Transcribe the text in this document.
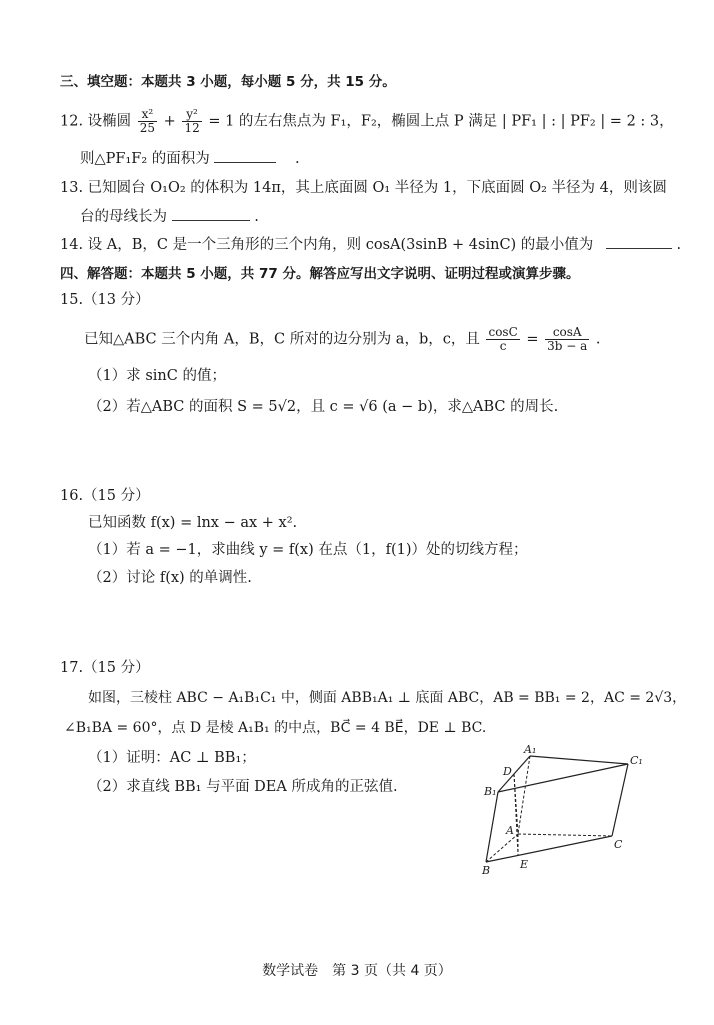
三、填空题：本题共 3 小题，每小题 5 分，共 15 分。
12. 设椭圆 $\frac{\text{x²}}{25} + \frac{\text{y²}}{12} = 1$ 的左右焦点为 F₁，F₂，椭圆上点 P 满足 | PF₁ | : | PF₂ | = 2 : 3，
则△PF₁F₂ 的面积为	.
13. 已知圆台 O₁O₂ 的体积为 14π，其上底面圆 O₁ 半径为 1，下底面圆 O₂ 半径为 4，则该圆
台的母线长为	.
14. 设 A，B，C 是一个三角形的三个内角，则 cosA(3sinB + 4sinC) 的最小值为	.
四、解答题：本题共 5 小题，共 77 分。解答应写出文字说明、证明过程或演算步骤。
15.（13 分）
已知△ABC 三个内角 A，B，C 所对的边分别为 a，b，c，且 $\frac{\cos C}{c} = \frac{\cos A}{3b - a}$ .
（1）求 sinC 的值；
（2）若△ABC 的面积 S = 5√2，且 c = √6 (a − b)，求△ABC 的周长.
16.（15 分）
已知函数 f(x) = lnx − ax + x².
（1）若 a = −1，求曲线 y = f(x) 在点（1，f(1)）处的切线方程；
（2）讨论 f(x) 的单调性.
17.（15 分）
如图，三棱柱 ABC − A₁B₁C₁ 中，侧面 ABB₁A₁ ⊥ 底面 ABC，AB = BB₁ = 2，AC = 2√3，
∠B₁BA = 60°，点 D 是棱 A₁B₁ 的中点，BC⃗ = 4 BE⃗，DE ⊥ BC.
（1）证明：AC ⊥ BB₁；
（2）求直线 BB₁ 与平面 DEA 所成角的正弦值.
A₁
C₁
B₁
D
A
B	E
C
数学试卷　第 3 页（共 4 页）
